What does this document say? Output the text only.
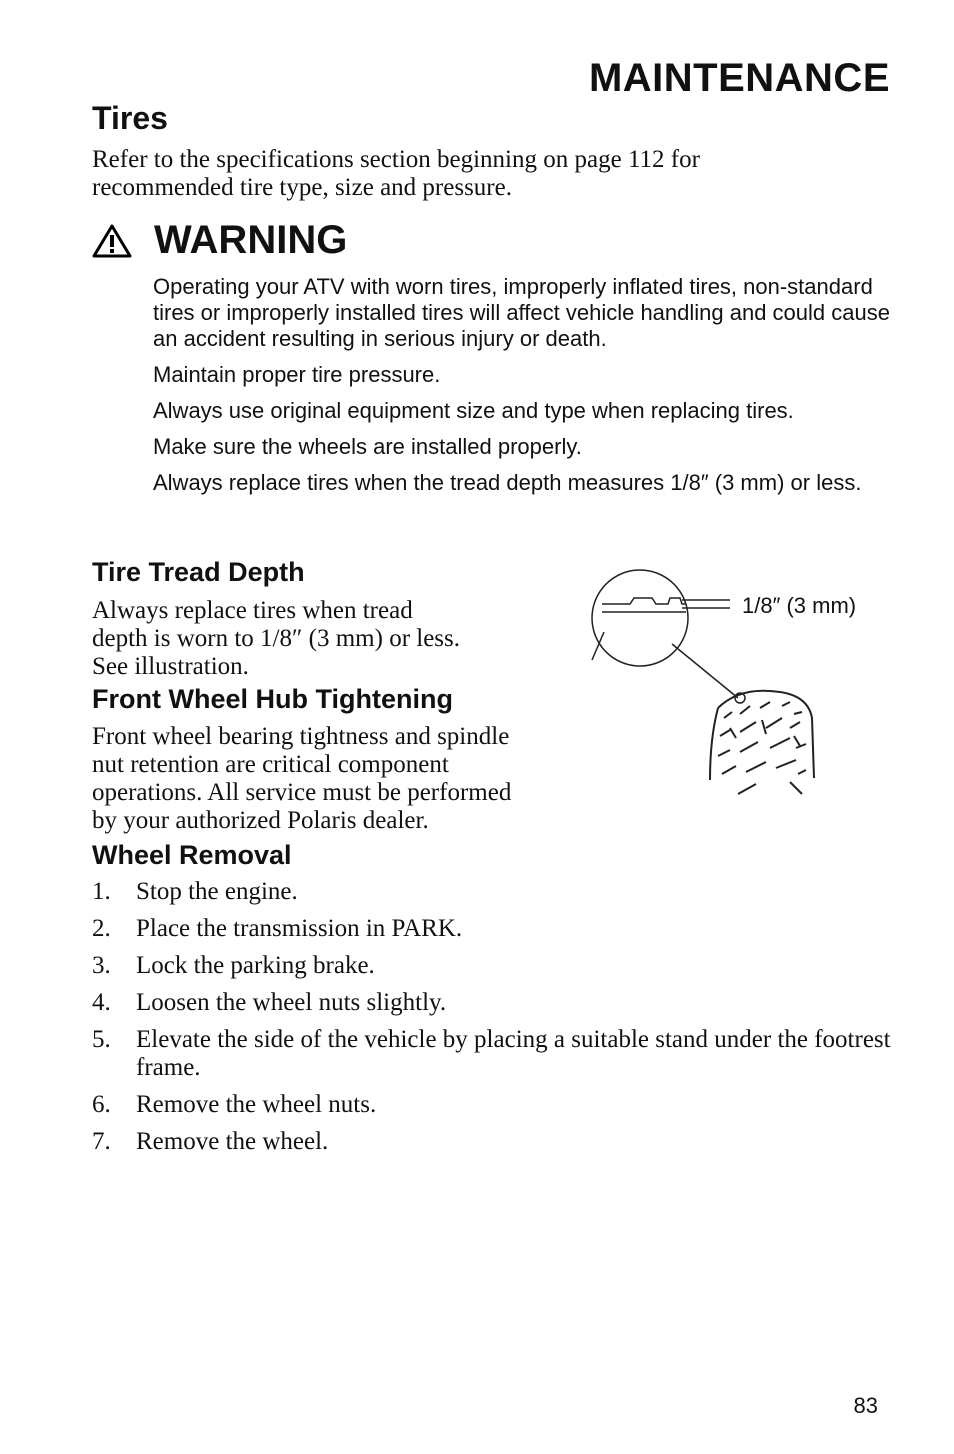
MAINTENANCE
Tires
Refer to the specifications section beginning on page 112 for recommended tire type, size and pressure.
WARNING

Operating your ATV with worn tires, improperly inflated tires, non-standard tires or improperly installed tires will affect vehicle handling and could cause an accident resulting in serious injury or death.

Maintain proper tire pressure.

Always use original equipment size and type when replacing tires.

Make sure the wheels are installed properly.

Always replace tires when the tread depth measures 1/8″ (3 mm) or less.

Tire Tread Depth
Always replace tires when tread
depth is worn to 1/8″ (3 mm) or less.
See illustration.
1/8″ (3 mm)
Front Wheel Hub Tightening
Front wheel bearing tightness and spindle
nut retention are critical component
operations. All service must be performed
by your authorized Polaris dealer.
Wheel Removal
1.	Stop the engine.
2.	Place the transmission in PARK.
3.	Lock the parking brake.
4.	Loosen the wheel nuts slightly.
5.	Elevate the side of the vehicle by placing a suitable stand under the footrest frame.
6.	Remove the wheel nuts.
7.	Remove the wheel.
83
